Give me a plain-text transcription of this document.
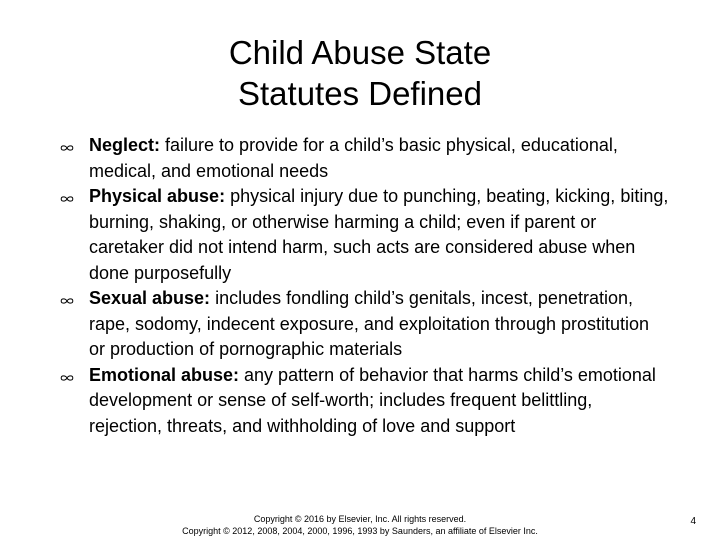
Child Abuse State
Statutes Defined
Neglect: failure to provide for a child’s basic physical, educational, medical, and emotional needs
Physical abuse: physical injury due to punching, beating, kicking, biting, burning, shaking, or otherwise harming a child; even if parent or caretaker did not intend harm, such acts are considered abuse when done purposefully
Sexual abuse: includes fondling child’s genitals, incest, penetration, rape, sodomy, indecent exposure, and exploitation through prostitution or production of pornographic materials
Emotional abuse: any pattern of behavior that harms child’s emotional development or sense of self-worth; includes frequent belittling, rejection, threats, and withholding of love and support
Copyright © 2016 by Elsevier, Inc. All rights reserved.
Copyright © 2012, 2008, 2004, 2000, 1996, 1993 by Saunders, an affiliate of Elsevier Inc.
4
